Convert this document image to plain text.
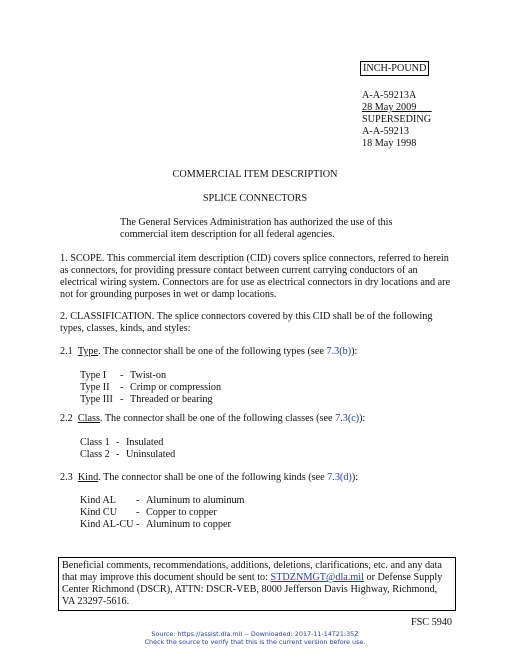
INCH-POUND
A-A-59213A
28 May 2009
SUPERSEDING
A-A-59213
18 May 1998
COMMERCIAL ITEM DESCRIPTION
SPLICE CONNECTORS
The General Services Administration has authorized the use of this
commercial item description for all federal agencies.
1. SCOPE. This commercial item description (CID) covers splice connectors, referred to herein as connectors, for providing pressure contact between current carrying conductors of an electrical wiring system. Connectors are for use as electrical connectors in dry locations and are not for grounding purposes in wet or damp locations.
2. CLASSIFICATION. The splice connectors covered by this CID shall be of the following types, classes, kinds, and styles:
2.1 Type. The connector shall be one of the following types (see 7.3(b)):
Type I	- Twist-on
Type II	- Crimp or compression
Type III - Threaded or bearing
2.2 Class. The connector shall be one of the following classes (see 7.3(c)):
Class 1 - Insulated
Class 2 - Uninsulated
2.3 Kind. The connector shall be one of the following kinds (see 7.3(d)):
Kind AL	- Aluminum to aluminum
Kind CU	- Copper to copper
Kind AL-CU - Aluminum to copper
Beneficial comments, recommendations, additions, deletions, clarifications, etc. and any data that may improve this document should be sent to: STDZNMGT@dla.mil or Defense Supply Center Richmond (DSCR), ATTN: DSCR-VEB, 8000 Jefferson Davis Highway, Richmond, VA 23297-5616.
FSC 5940
Source: https://assist.dla.mil -- Downloaded: 2017-11-14T21:35Z
Check the source to verify that this is the current version before use.
